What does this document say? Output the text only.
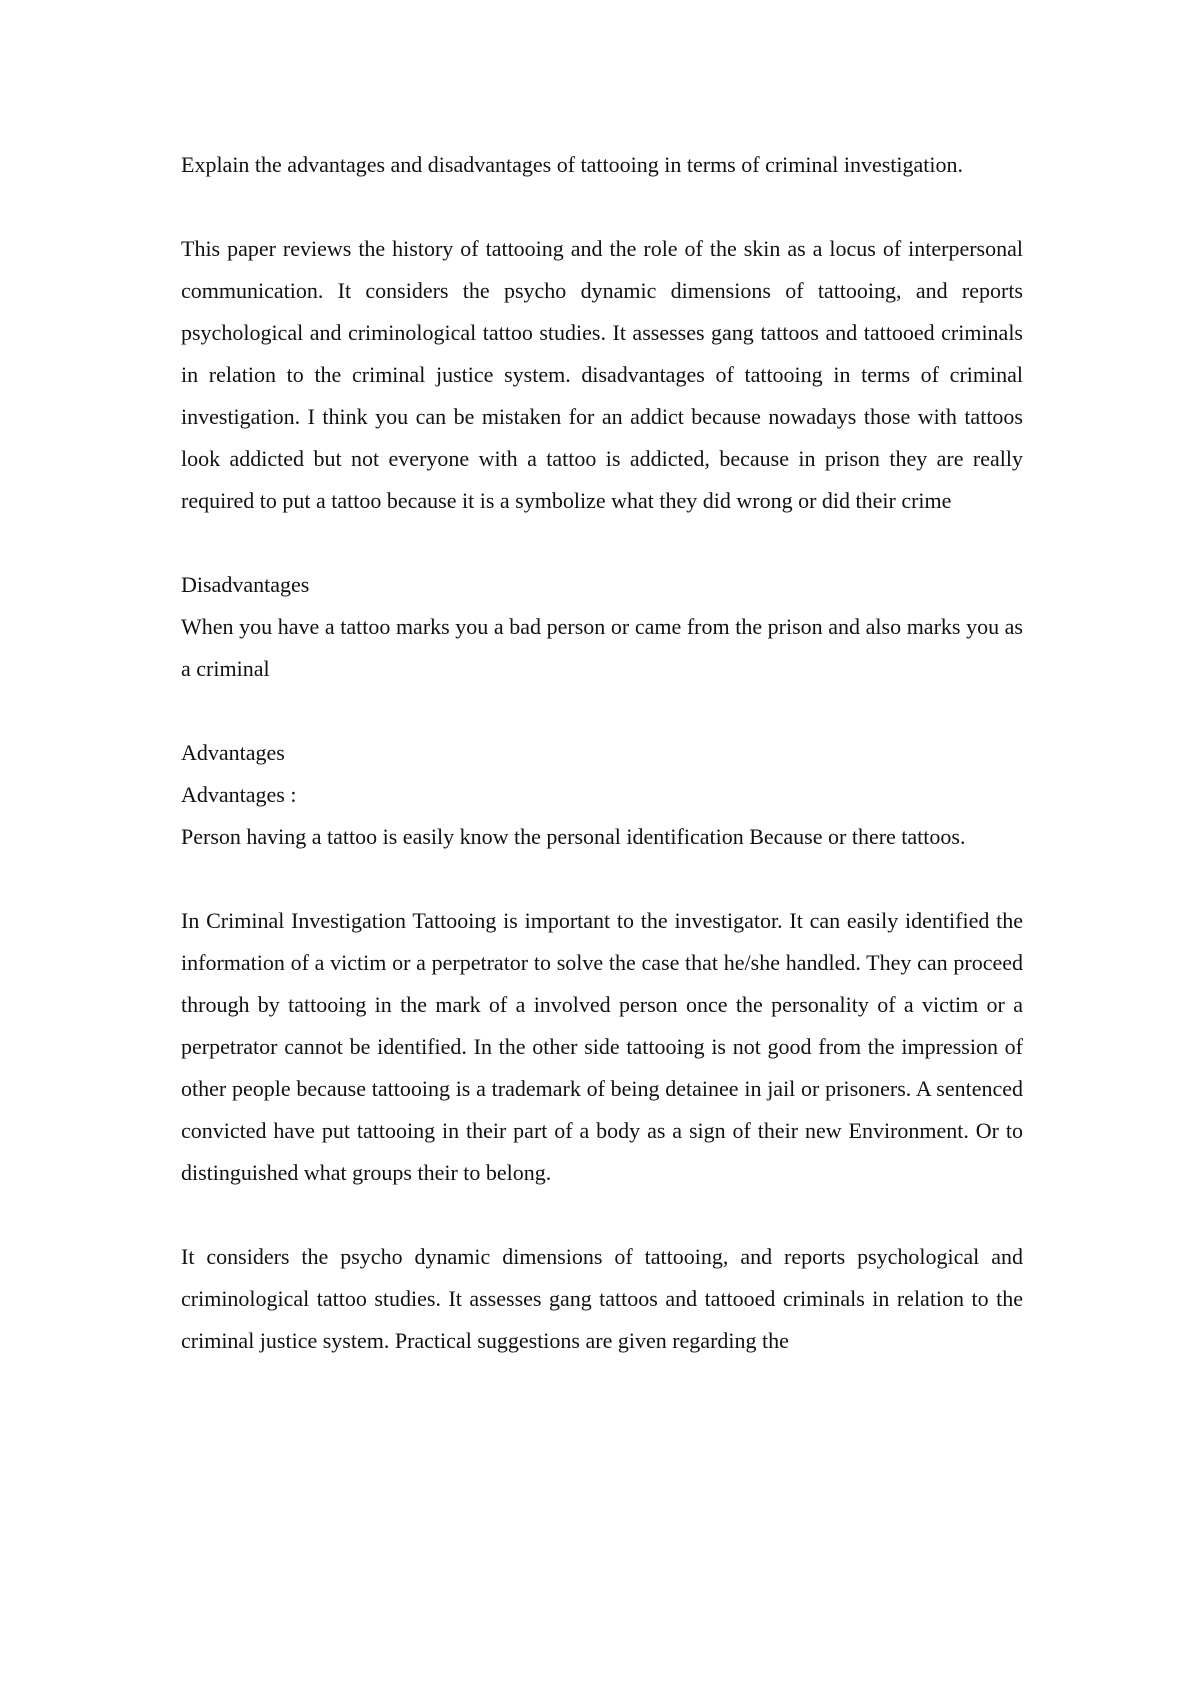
Explain the advantages and disadvantages of tattooing in terms of criminal investigation.

This paper reviews the history of tattooing and the role of the skin as a locus of interpersonal communication. It considers the psycho dynamic dimensions of tattooing, and reports psychological and criminological tattoo studies. It assesses gang tattoos and tattooed criminals in relation to the criminal justice system. disadvantages of tattooing in terms of criminal investigation. I think you can be mistaken for an addict because nowadays those with tattoos look addicted but not everyone with a tattoo is addicted, because in prison they are really required to put a tattoo because it is a symbolize what they did wrong or did their crime

Disadvantages

When you have a tattoo marks you a bad person or came from the prison and also marks you as a criminal

Advantages

Advantages :

Person having a tattoo is easily know the personal identification Because or there tattoos.

In Criminal Investigation Tattooing is important to the investigator. It can easily identified the information of a victim or a perpetrator to solve the case that he/she handled. They can proceed through by tattooing in the mark of a involved person once the personality of a victim or a perpetrator cannot be identified. In the other side tattooing is not good from the impression of other people because tattooing is a trademark of being detainee in jail or prisoners. A sentenced convicted have put tattooing in their part of a body as a sign of their new Environment. Or to distinguished what groups their to belong.

It considers the psycho dynamic dimensions of tattooing, and reports psychological and criminological tattoo studies. It assesses gang tattoos and tattooed criminals in relation to the criminal justice system. Practical suggestions are given regarding the
